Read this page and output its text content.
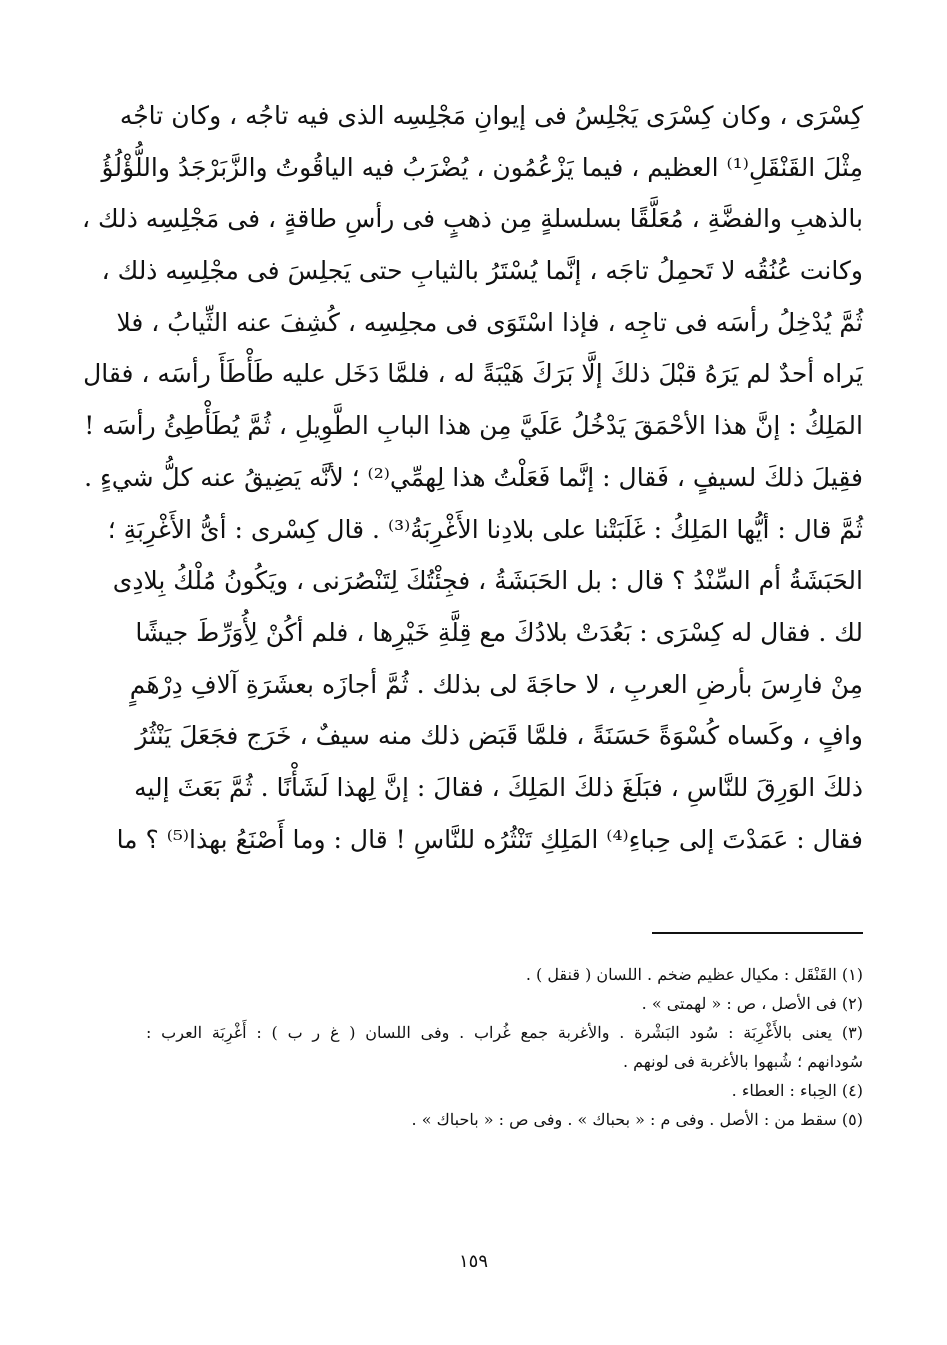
كِسْرَى ، وكان كِسْرَى يَجْلِسُ فى إيوانِ مَجْلِسِه الذى فيه تاجُه ، وكان تاجُه
مِثْلَ القَنْقَلِ⁽¹⁾ العظيم ، فيما يَزْعُمُون ، يُضْرَبُ فيه الياقُوتُ والزَّبَرْجَدُ واللُّؤْلُؤُ
بالذهبِ والفضَّةِ ، مُعَلَّقًا بسلسلةٍ مِن ذهبٍ فى رأسِ طاقةٍ ، فى مَجْلِسِه ذلك ،
وكانت عُنُقُه لا تَحمِلُ تاجَه ، إنَّما يُسْتَرُ بالثيابِ حتى يَجلِسَ فى مجْلِسِه ذلك ،
ثُمَّ يُدْخِلُ رأسَه فى تاجِه ، فإذا اسْتَوَى فى مجلِسِه ، كُشِفَ عنه الثِّيابُ ، فلا
يَراه أحدٌ لم يَرَهُ قبْلَ ذلكَ إلَّا بَرَكَ هَيْبَةً له ، فلمَّا دَخَل عليه طَأْطَأَ رأسَه ، فقال
المَلِكُ : إنَّ هذا الأحْمَقَ يَدْخُلُ عَلَيَّ مِن هذا البابِ الطَّوِيلِ ، ثُمَّ يُطَأْطِئُ رأسَه !
فقِيلَ ذلكَ لسيفٍ ، فَقال : إنَّما فَعَلْتُ هذا لِهمِّي⁽²⁾ ؛ لأنَّه يَضِيقُ عنه كلُّ شيءٍ .
ثُمَّ قال : أيُّها المَلِكُ : غَلَبَتْنا على بلادِنا الأَغْرِبَةُ⁽³⁾ . قال كِسْرى : أىُّ الأَغْرِبَةِ ؛
الحَبَشَةُ أم السِّنْدُ ؟ قال : بل الحَبَشَةُ ، فجِئْتُكَ لِتَنْصُرَنى ، ويَكُونُ مُلْكُ بِلادِى
لك . فقال له كِسْرَى : بَعُدَتْ بلادُكَ مع قِلَّةِ خَيْرِها ، فلم أكُنْ لِأُوَرِّطَ جيشًا
مِنْ فارِسَ بأرضِ العربِ ، لا حاجَةَ لى بذلك . ثُمَّ أجازَه بعشَرَةِ آلافِ دِرْهَمٍ
وافٍ ، وكَساه كُسْوَةً حَسَنَةً ، فلمَّا قَبَض ذلك منه سيفٌ ، خَرَج فجَعَلَ يَنْثُرُ
ذلكَ الوَرِقَ للنَّاسِ ، فبَلَغَ ذلكَ المَلِكَ ، فقالَ : إنَّ لِهذا لَشَأْنًا . ثُمَّ بَعَثَ إليه
فقال : عَمَدْتَ إلى حِباءِ⁽⁴⁾ المَلِكِ تَنْثُرُه للنَّاسِ ! قال : وما أَصْنَعُ بهذا⁽⁵⁾ ؟ ما
(١) القَنْقَل : مكيال عظيم ضخم . اللسان ( قنقل ) .
(٢) فى الأصل ، ص : « لهمتى » .
(٣) يعنى بالأَغْرِبَة : سُود البَشْرة . والأغربة جمع غُراب . وفى اللسان ( غ ر ب ) : أَغْرِبَة العرب :
سُودانهم ؛ شُبهوا بالأغربة فى لونهم .
(٤) الحِباء : العطاء .
(٥) سقط من : الأصل . وفى م : « بحباك » . وفى ص : « باحباك » .
١٥٩
